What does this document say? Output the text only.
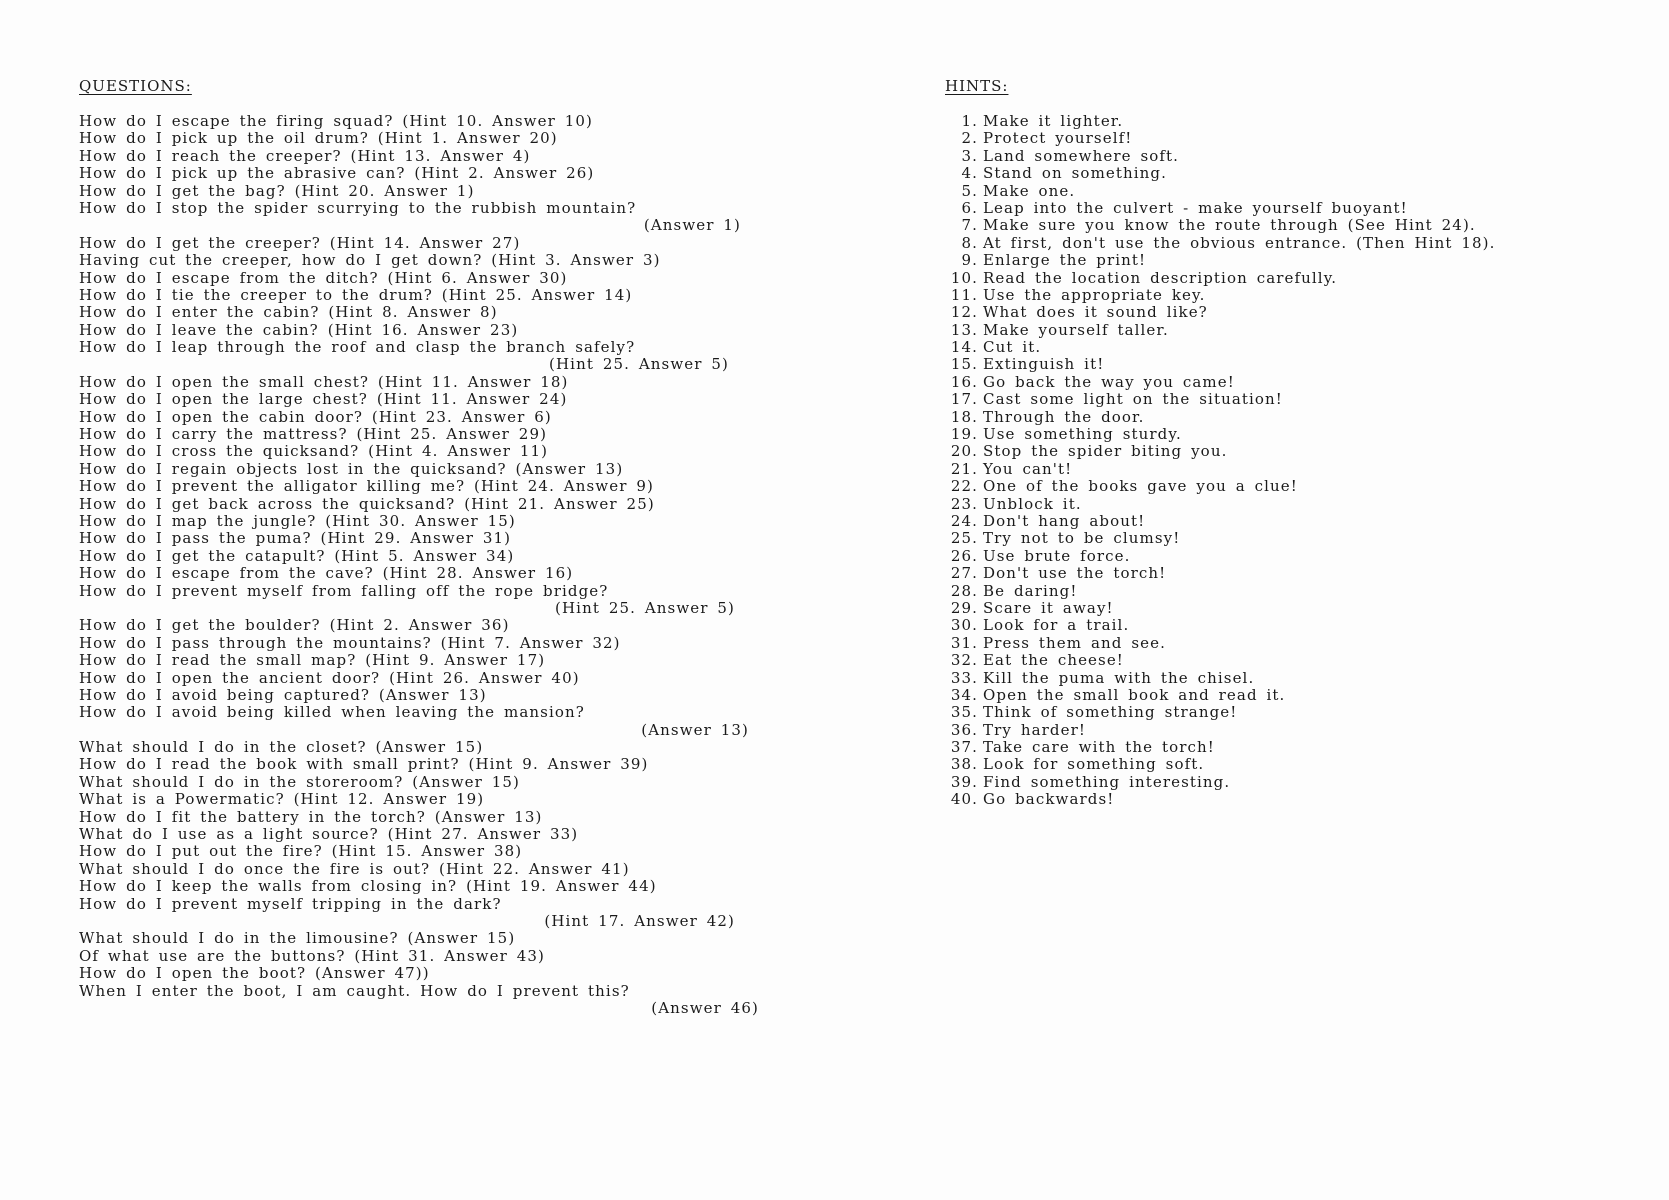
QUESTIONS:
How do I escape the firing squad? (Hint 10. Answer 10)
How do I pick up the oil drum? (Hint 1. Answer 20)
How do I reach the creeper? (Hint 13. Answer 4)
How do I pick up the abrasive can? (Hint 2. Answer 26)
How do I get the bag? (Hint 20. Answer 1)
How do I stop the spider scurrying to the rubbish mountain?
(Answer 1)
How do I get the creeper? (Hint 14. Answer 27)
Having cut the creeper, how do I get down? (Hint 3. Answer 3)
How do I escape from the ditch? (Hint 6. Answer 30)
How do I tie the creeper to the drum? (Hint 25. Answer 14)
How do I enter the cabin? (Hint 8. Answer 8)
How do I leave the cabin? (Hint 16. Answer 23)
How do I leap through the roof and clasp the branch safely?
(Hint 25. Answer 5)
How do I open the small chest? (Hint 11. Answer 18)
How do I open the large chest? (Hint 11. Answer 24)
How do I open the cabin door? (Hint 23. Answer 6)
How do I carry the mattress? (Hint 25. Answer 29)
How do I cross the quicksand? (Hint 4. Answer 11)
How do I regain objects lost in the quicksand? (Answer 13)
How do I prevent the alligator killing me? (Hint 24. Answer 9)
How do I get back across the quicksand? (Hint 21. Answer 25)
How do I map the jungle? (Hint 30. Answer 15)
How do I pass the puma? (Hint 29. Answer 31)
How do I get the catapult? (Hint 5. Answer 34)
How do I escape from the cave? (Hint 28. Answer 16)
How do I prevent myself from falling off the rope bridge?
(Hint 25. Answer 5)
How do I get the boulder? (Hint 2. Answer 36)
How do I pass through the mountains? (Hint 7. Answer 32)
How do I read the small map? (Hint 9. Answer 17)
How do I open the ancient door? (Hint 26. Answer 40)
How do I avoid being captured? (Answer 13)
How do I avoid being killed when leaving the mansion?
(Answer 13)
What should I do in the closet? (Answer 15)
How do I read the book with small print? (Hint 9. Answer 39)
What should I do in the storeroom? (Answer 15)
What is a Powermatic? (Hint 12. Answer 19)
How do I fit the battery in the torch? (Answer 13)
What do I use as a light source? (Hint 27. Answer 33)
How do I put out the fire? (Hint 15. Answer 38)
What should I do once the fire is out? (Hint 22. Answer 41)
How do I keep the walls from closing in? (Hint 19. Answer 44)
How do I prevent myself tripping in the dark?
(Hint 17. Answer 42)
What should I do in the limousine? (Answer 15)
Of what use are the buttons? (Hint 31. Answer 43)
How do I open the boot? (Answer 47))
When I enter the boot, I am caught. How do I prevent this?
(Answer 46)
HINTS:
1. Make it lighter.
2. Protect yourself!
3. Land somewhere soft.
4. Stand on something.
5. Make one.
6. Leap into the culvert - make yourself buoyant!
7. Make sure you know the route through (See Hint 24).
8. At first, don't use the obvious entrance. (Then Hint 18).
9. Enlarge the print!
10. Read the location description carefully.
11. Use the appropriate key.
12. What does it sound like?
13. Make yourself taller.
14. Cut it.
15. Extinguish it!
16. Go back the way you came!
17. Cast some light on the situation!
18. Through the door.
19. Use something sturdy.
20. Stop the spider biting you.
21. You can't!
22. One of the books gave you a clue!
23. Unblock it.
24. Don't hang about!
25. Try not to be clumsy!
26. Use brute force.
27. Don't use the torch!
28. Be daring!
29. Scare it away!
30. Look for a trail.
31. Press them and see.
32. Eat the cheese!
33. Kill the puma with the chisel.
34. Open the small book and read it.
35. Think of something strange!
36. Try harder!
37. Take care with the torch!
38. Look for something soft.
39. Find something interesting.
40. Go backwards!
